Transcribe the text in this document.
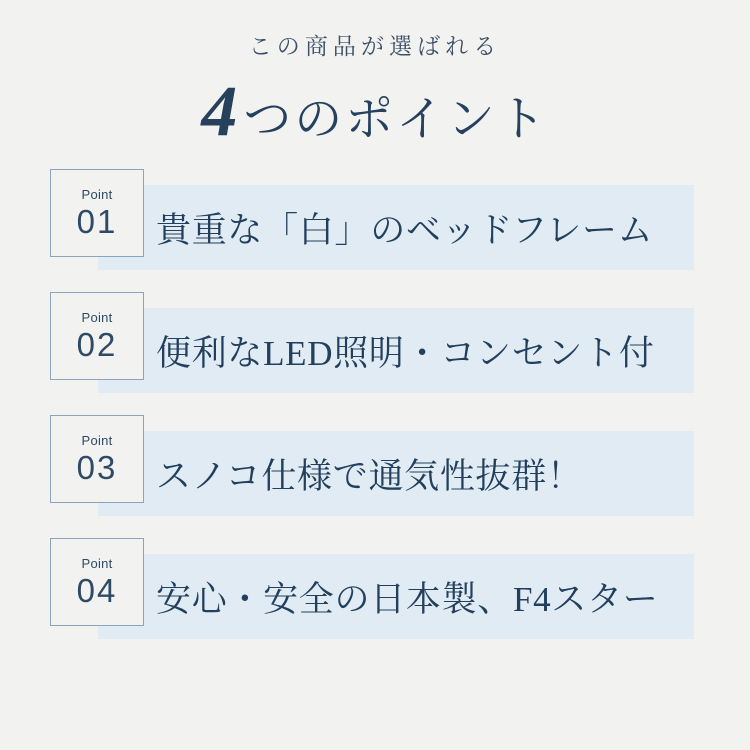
この商品が選ばれる
4 つのポイント
Point
01 貴重な「白」のベッドフレーム
Point
02 便利なLED照明・コンセント付
Point
03 スノコ仕様で通気性抜群！
Point
04 安心・安全の日本製、F4スター
